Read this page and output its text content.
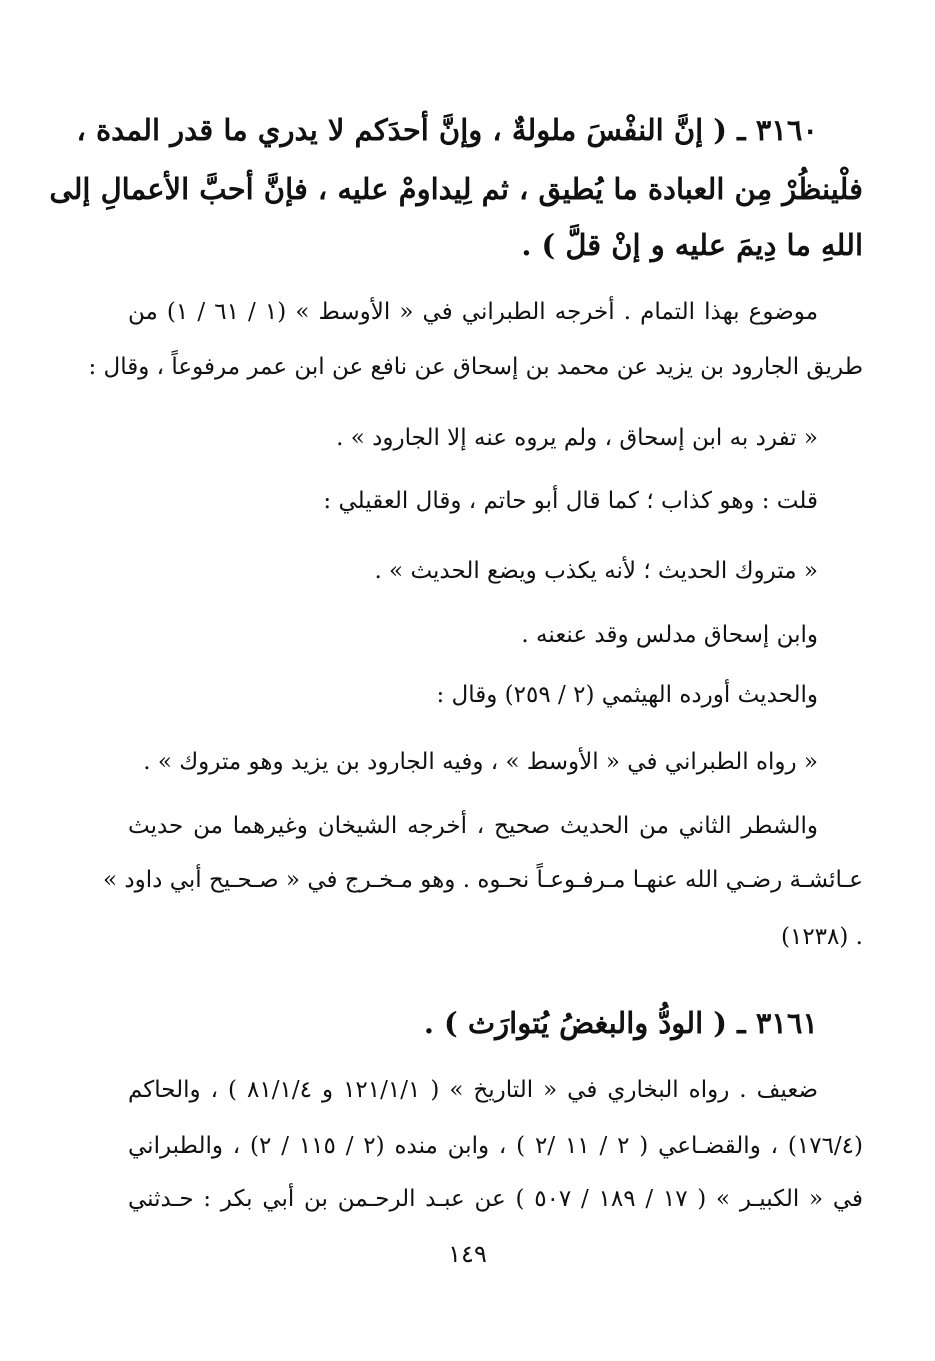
٣١٦٠ ـ ( إنَّ النفْسَ ملولةٌ ، وإنَّ أحدَكم لا يدري ما قدر المدة ،
فلْينظُرْ مِن العبادة ما يُطيق ، ثم لِيداومْ عليه ، فإنَّ أحبَّ الأعمالِ إلى
اللهِ ما دِيمَ عليه و إنْ قلَّ ) .
موضوع بهذا التمام . أخرجه الطبراني في « الأوسط » (١ / ٦١ / ١) من
طريق الجارود بن يزيد عن محمد بن إسحاق عن نافع عن ابن عمر مرفوعاً ، وقال :
« تفرد به ابن إسحاق ، ولم يروه عنه إلا الجارود » .
قلت : وهو كذاب ؛ كما قال أبو حاتم ، وقال العقيلي :
« متروك الحديث ؛ لأنه يكذب ويضع الحديث » .
وابن إسحاق مدلس وقد عنعنه .
والحديث أورده الهيثمي (٢ / ٢٥٩) وقال :
« رواه الطبراني في « الأوسط » ، وفيه الجارود بن يزيد وهو متروك » .
والشطر الثاني من الحديث صحيح ، أخرجه الشيخان وغيرهما من حديث
عـائشـة رضـي الله عنهـا مـرفـوعـاً نحـوه . وهو مـخـرج في « صـحـيح أبي داود »
(١٢٣٨) .
٣١٦١ ـ ( الودُّ والبغضُ يُتوارَث ) .
ضعيف . رواه البخاري في « التاريخ » ( ١٢١/١/١ و ٨١/١/٤ ) ، والحاكم
(١٧٦/٤) ، والقضـاعي ( ٢ / ١١ /٢ ) ، وابن منده (٢ / ١١٥ / ٢) ، والطبراني
في « الكبيـر » ( ١٧ / ١٨٩ / ٥٠٧ ) عن عبـد الرحـمن بن أبي بكر : حـدثني
١٤٩
